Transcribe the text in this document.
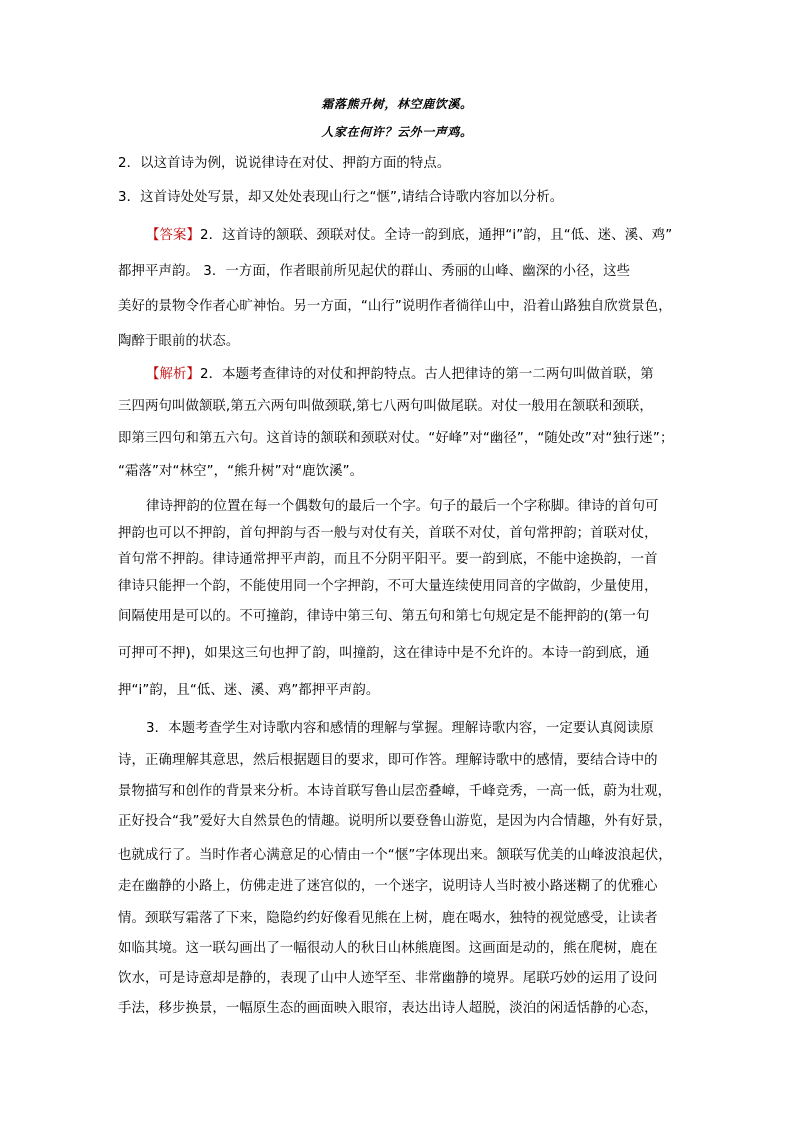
霜落熊升树，林空鹿饮溪。
人家在何许？云外一声鸡。
2．以这首诗为例，说说律诗在对仗、押韵方面的特点。
3．这首诗处处写景，却又处处表现山行之“惬”,请结合诗歌内容加以分析。
【答案】2．这首诗的颔联、颈联对仗。全诗一韵到底，通押“i”韵，且“低、迷、溪、鸡”
都押平声韵。 3．一方面，作者眼前所见起伏的群山、秀丽的山峰、幽深的小径，这些
美好的景物令作者心旷神怡。另一方面，“山行”说明作者徜徉山中，沿着山路独自欣赏景色，
陶醉于眼前的状态。
【解析】2．本题考查律诗的对仗和押韵特点。古人把律诗的第一二两句叫做首联，第
三四两句叫做颔联,第五六两句叫做颈联,第七八两句叫做尾联。对仗一般用在颔联和颈联，
即第三四句和第五六句。这首诗的颔联和颈联对仗。“好峰”对“幽径”，“随处改”对“独行迷”；
“霜落”对“林空”，“熊升树”对“鹿饮溪”。
律诗押韵的位置在每一个偶数句的最后一个字。句子的最后一个字称脚。律诗的首句可
押韵也可以不押韵，首句押韵与否一般与对仗有关，首联不对仗，首句常押韵；首联对仗，
首句常不押韵。律诗通常押平声韵，而且不分阴平阳平。要一韵到底，不能中途换韵，一首
律诗只能押一个韵，不能使用同一个字押韵，不可大量连续使用同音的字做韵，少量使用，
间隔使用是可以的。不可撞韵，律诗中第三句、第五句和第七句规定是不能押韵的(第一句
可押可不押)，如果这三句也押了韵，叫撞韵，这在律诗中是不允许的。本诗一韵到底，通
押“i”韵，且“低、迷、溪、鸡”都押平声韵。
3．本题考查学生对诗歌内容和感情的理解与掌握。理解诗歌内容，一定要认真阅读原
诗，正确理解其意思，然后根据题目的要求，即可作答。理解诗歌中的感情，要结合诗中的
景物描写和创作的背景来分析。本诗首联写鲁山层峦叠嶂，千峰竞秀，一高一低，蔚为壮观，
正好投合“我”爱好大自然景色的情趣。说明所以要登鲁山游览，是因为内合情趣，外有好景，
也就成行了。当时作者心满意足的心情由一个“惬”字体现出来。颔联写优美的山峰波浪起伏，
走在幽静的小路上，仿佛走进了迷宫似的，一个迷字，说明诗人当时被小路迷糊了的优雅心
情。颈联写霜落了下来，隐隐约约好像看见熊在上树，鹿在喝水，独特的视觉感受，让读者
如临其境。这一联勾画出了一幅很动人的秋日山林熊鹿图。这画面是动的，熊在爬树，鹿在
饮水，可是诗意却是静的，表现了山中人迹罕至、非常幽静的境界。尾联巧妙的运用了设问
手法，移步换景，一幅原生态的画面映入眼帘，表达出诗人超脱，淡泊的闲适恬静的心态，
